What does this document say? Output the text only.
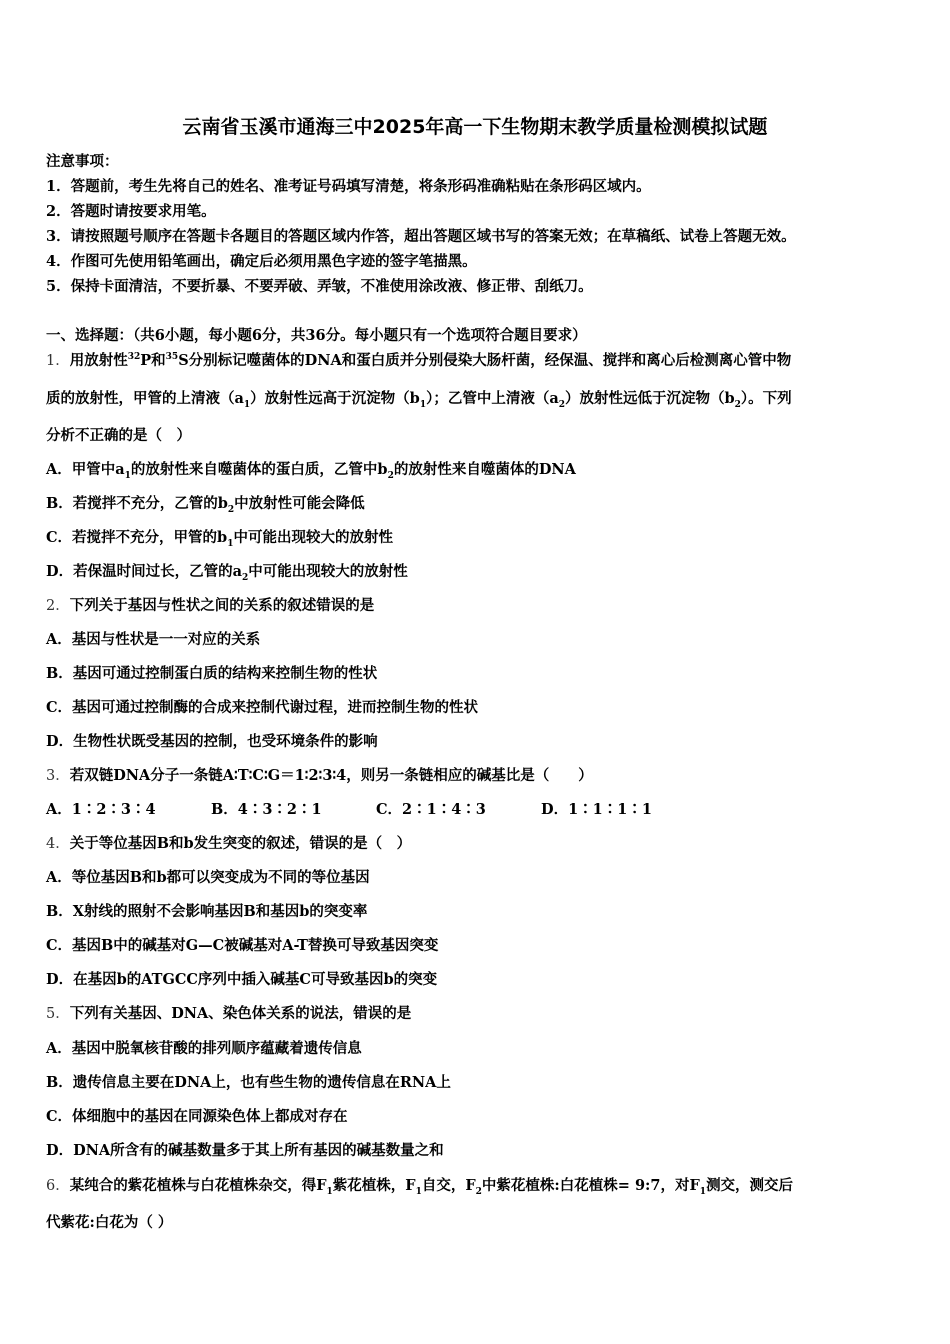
云南省玉溪市通海三中2025年高一下生物期末教学质量检测模拟试题
注意事项：
1．答题前，考生先将自己的姓名、准考证号码填写清楚，将条形码准确粘贴在条形码区域内。
2．答题时请按要求用笔。
3．请按照题号顺序在答题卡各题目的答题区域内作答，超出答题区域书写的答案无效；在草稿纸、试卷上答题无效。
4．作图可先使用铅笔画出，确定后必须用黑色字迹的签字笔描黑。
5．保持卡面清洁，不要折暴、不要弄破、弄皱，不准使用涂改液、修正带、刮纸刀。
一、选择题：（共6小题，每小题6分，共36分。每小题只有一个选项符合题目要求）
1．用放射性$^{32}$P和$^{35}$S分别标记噬菌体的DNA和蛋白质并分别侵染大肠杆菌，经保温、搅拌和离心后检测离心管中物
质的放射性，甲管的上清液$(a_1)$放射性远高于沉淀物$(b_1)$；乙管中上清液$(a_2)$放射性远低于沉淀物$(b_2)$。下列
分析不正确的是（　）
A．甲管中$a_1$的放射性来自噬菌体的蛋白质，乙管中$b_2$的放射性来自噬菌体的DNA
B．若搅拌不充分，乙管的$b_2$中放射性可能会降低
C．若搅拌不充分，甲管的$b_1$中可能出现较大的放射性
D．若保温时间过长，乙管的$a_2$中可能出现较大的放射性
2．下列关于基因与性状之间的关系的叙述错误的是
A．基因与性状是一一对应的关系
B．基因可通过控制蛋白质的结构来控制生物的性状
C．基因可通过控制酶的合成来控制代谢过程，进而控制生物的性状
D．生物性状既受基因的控制，也受环境条件的影响
3．若双链DNA分子一条链A∶T∶C∶G＝1∶2∶3∶4，则另一条链相应的碱基比是（　　）
A．1∶2∶3∶4	B．4∶3∶2∶1	C．2∶1∶4∶3	D．1∶1∶1∶1
4．关于等位基因B和b发生突变的叙述，错误的是（　）
A．等位基因B和b都可以突变成为不同的等位基因
B．X射线的照射不会影响基因B和基因b的突变率
C．基因B中的碱基对G—C被碱基对A-T替换可导致基因突变
D．在基因b的ATGCC序列中插入碱基C可导致基因b的突变
5．下列有关基因、DNA、染色体关系的说法，错误的是
A．基因中脱氧核苷酸的排列顺序蕴藏着遗传信息
B．遗传信息主要在DNA上，也有些生物的遗传信息在RNA上
C．体细胞中的基因在同源染色体上都成对存在
D．DNA所含有的碱基数量多于其上所有基因的碱基数量之和
6．某纯合的紫花植株与白花植株杂交，得$F_1$紫花植株，$F_1$自交，$F_2$中紫花植株:白花植株= 9:7，对$F_1$测交，测交后
代紫花:白花为（ ）
